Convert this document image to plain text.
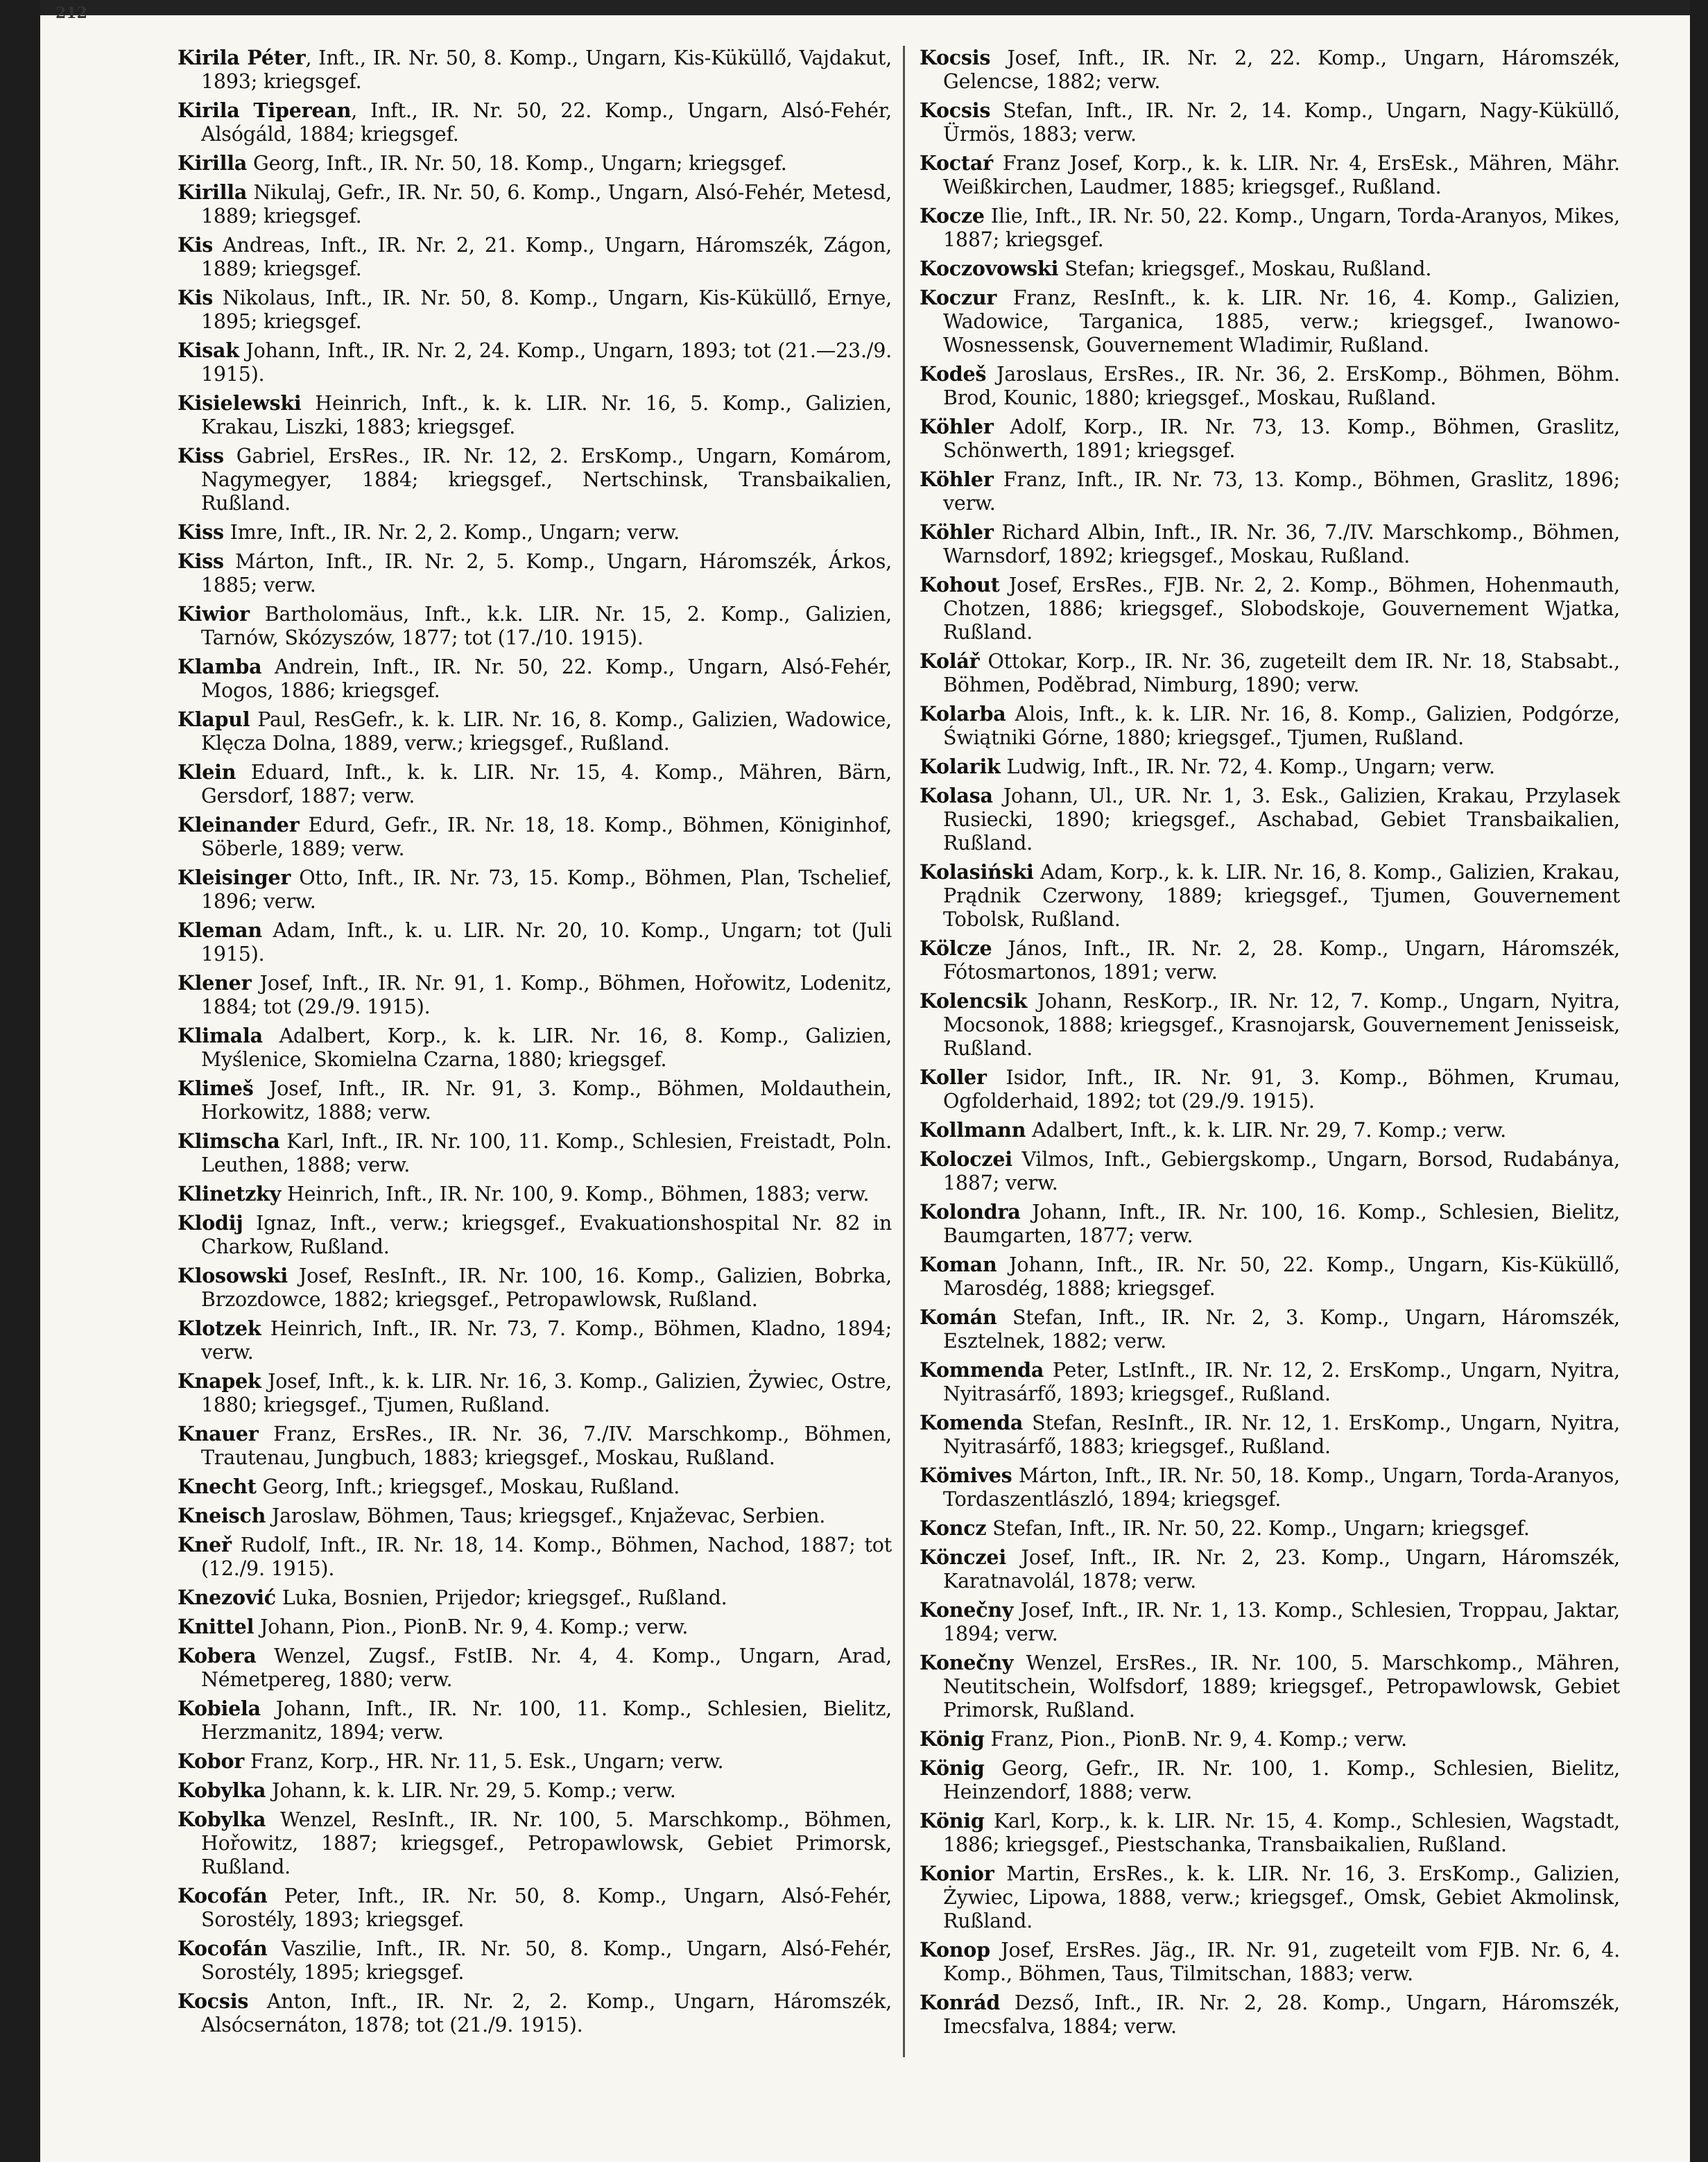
212

Kirila Péter, Inft., IR. Nr. 50, 8. Komp., Ungarn, Kis-Küküllő, Vajdakut, 1893; kriegsgef.

Kirila Tiperean, Inft., IR. Nr. 50, 22. Komp., Ungarn, Alsó-Fehér, Alsógáld, 1884; kriegsgef.

Kirilla Georg, Inft., IR. Nr. 50, 18. Komp., Ungarn; kriegsgef.

Kirilla Nikulaj, Gefr., IR. Nr. 50, 6. Komp., Ungarn, Alsó-Fehér, Metesd, 1889; kriegsgef.

Kis Andreas, Inft., IR. Nr. 2, 21. Komp., Ungarn, Háromszék, Zágon, 1889; kriegsgef.

Kis Nikolaus, Inft., IR. Nr. 50, 8. Komp., Ungarn, Kis-Küküllő, Ernye, 1895; kriegsgef.

Kisak Johann, Inft., IR. Nr. 2, 24. Komp., Ungarn, 1893; tot (21.—23./9. 1915).

Kisielewski Heinrich, Inft., k. k. LIR. Nr. 16, 5. Komp., Galizien, Krakau, Liszki, 1883; kriegsgef.

Kiss Gabriel, ErsRes., IR. Nr. 12, 2. ErsKomp., Ungarn, Komárom, Nagymegyer, 1884; kriegsgef., Nertschinsk, Transbaikalien, Rußland.

Kiss Imre, Inft., IR. Nr. 2, 2. Komp., Ungarn; verw.

Kiss Márton, Inft., IR. Nr. 2, 5. Komp., Ungarn, Háromszék, Árkos, 1885; verw.

Kiwior Bartholomäus, Inft., k.k. LIR. Nr. 15, 2. Komp., Galizien, Tarnów, Skózyszów, 1877; tot (17./10. 1915).

Klamba Andrein, Inft., IR. Nr. 50, 22. Komp., Ungarn, Alsó-Fehér, Mogos, 1886; kriegsgef.

Klapul Paul, ResGefr., k. k. LIR. Nr. 16, 8. Komp., Galizien, Wadowice, Klęcza Dolna, 1889, verw.; kriegsgef., Rußland.

Klein Eduard, Inft., k. k. LIR. Nr. 15, 4. Komp., Mähren, Bärn, Gersdorf, 1887; verw.

Kleinander Edurd, Gefr., IR. Nr. 18, 18. Komp., Böhmen, Königinhof, Söberle, 1889; verw.

Kleisinger Otto, Inft., IR. Nr. 73, 15. Komp., Böhmen, Plan, Tschelief, 1896; verw.

Kleman Adam, Inft., k. u. LIR. Nr. 20, 10. Komp., Ungarn; tot (Juli 1915).

Klener Josef, Inft., IR. Nr. 91, 1. Komp., Böhmen, Hořowitz, Lodenitz, 1884; tot (29./9. 1915).

Klimala Adalbert, Korp., k. k. LIR. Nr. 16, 8. Komp., Galizien, Myślenice, Skomielna Czarna, 1880; kriegsgef.

Klimeš Josef, Inft., IR. Nr. 91, 3. Komp., Böhmen, Moldauthein, Horkowitz, 1888; verw.

Klimscha Karl, Inft., IR. Nr. 100, 11. Komp., Schlesien, Freistadt, Poln. Leuthen, 1888; verw.

Klinetzky Heinrich, Inft., IR. Nr. 100, 9. Komp., Böhmen, 1883; verw.

Klodij Ignaz, Inft., verw.; kriegsgef., Evakuationshospital Nr. 82 in Charkow, Rußland.

Klosowski Josef, ResInft., IR. Nr. 100, 16. Komp., Galizien, Bobrka, Brzozdowce, 1882; kriegsgef., Petropawlowsk, Rußland.

Klotzek Heinrich, Inft., IR. Nr. 73, 7. Komp., Böhmen, Kladno, 1894; verw.

Knapek Josef, Inft., k. k. LIR. Nr. 16, 3. Komp., Galizien, Żywiec, Ostre, 1880; kriegsgef., Tjumen, Rußland.

Knauer Franz, ErsRes., IR. Nr. 36, 7./IV. Marschkomp., Böhmen, Trautenau, Jungbuch, 1883; kriegsgef., Moskau, Rußland.

Knecht Georg, Inft.; kriegsgef., Moskau, Rußland.

Kneisch Jaroslaw, Böhmen, Taus; kriegsgef., Knjaževac, Serbien.

Kneř Rudolf, Inft., IR. Nr. 18, 14. Komp., Böhmen, Nachod, 1887; tot (12./9. 1915).

Knezović Luka, Bosnien, Prijedor; kriegsgef., Rußland.

Knittel Johann, Pion., PionB. Nr. 9, 4. Komp.; verw.

Kobera Wenzel, Zugsf., FstIB. Nr. 4, 4. Komp., Ungarn, Arad, Németpereg, 1880; verw.

Kobiela Johann, Inft., IR. Nr. 100, 11. Komp., Schlesien, Bielitz, Herzmanitz, 1894; verw.

Kobor Franz, Korp., HR. Nr. 11, 5. Esk., Ungarn; verw.

Kobylka Johann, k. k. LIR. Nr. 29, 5. Komp.; verw.

Kobylka Wenzel, ResInft., IR. Nr. 100, 5. Marschkomp., Böhmen, Hořowitz, 1887; kriegsgef., Petropawlowsk, Gebiet Primorsk, Rußland.

Kocofán Peter, Inft., IR. Nr. 50, 8. Komp., Ungarn, Alsó-Fehér, Sorostély, 1893; kriegsgef.

Kocofán Vaszilie, Inft., IR. Nr. 50, 8. Komp., Ungarn, Alsó-Fehér, Sorostély, 1895; kriegsgef.

Kocsis Anton, Inft., IR. Nr. 2, 2. Komp., Ungarn, Háromszék, Alsócsernáton, 1878; tot (21./9. 1915).

Kocsis Josef, Inft., IR. Nr. 2, 22. Komp., Ungarn, Háromszék, Gelencse, 1882; verw.

Kocsis Stefan, Inft., IR. Nr. 2, 14. Komp., Ungarn, Nagy-Küküllő, Ürmös, 1883; verw.

Koctaŕ Franz Josef, Korp., k. k. LIR. Nr. 4, ErsEsk., Mähren, Mähr. Weißkirchen, Laudmer, 1885; kriegsgef., Rußland.

Kocze Ilie, Inft., IR. Nr. 50, 22. Komp., Ungarn, Torda-Aranyos, Mikes, 1887; kriegsgef.

Koczovowski Stefan; kriegsgef., Moskau, Rußland.

Koczur Franz, ResInft., k. k. LIR. Nr. 16, 4. Komp., Galizien, Wadowice, Targanica, 1885, verw.; kriegsgef., Iwanowo-Wosnessensk, Gouvernement Wladimir, Rußland.

Kodeš Jaroslaus, ErsRes., IR. Nr. 36, 2. ErsKomp., Böhmen, Böhm. Brod, Kounic, 1880; kriegsgef., Moskau, Rußland.

Köhler Adolf, Korp., IR. Nr. 73, 13. Komp., Böhmen, Graslitz, Schönwerth, 1891; kriegsgef.

Köhler Franz, Inft., IR. Nr. 73, 13. Komp., Böhmen, Graslitz, 1896; verw.

Köhler Richard Albin, Inft., IR. Nr. 36, 7./IV. Marschkomp., Böhmen, Warnsdorf, 1892; kriegsgef., Moskau, Rußland.

Kohout Josef, ErsRes., FJB. Nr. 2, 2. Komp., Böhmen, Hohenmauth, Chotzen, 1886; kriegsgef., Slobodskoje, Gouvernement Wjatka, Rußland.

Kolář Ottokar, Korp., IR. Nr. 36, zugeteilt dem IR. Nr. 18, Stabsabt., Böhmen, Poděbrad, Nimburg, 1890; verw.

Kolarba Alois, Inft., k. k. LIR. Nr. 16, 8. Komp., Galizien, Podgórze, Świątniki Górne, 1880; kriegsgef., Tjumen, Rußland.

Kolarik Ludwig, Inft., IR. Nr. 72, 4. Komp., Ungarn; verw.

Kolasa Johann, Ul., UR. Nr. 1, 3. Esk., Galizien, Krakau, Przylasek Rusiecki, 1890; kriegsgef., Aschabad, Gebiet Transbaikalien, Rußland.

Kolasiński Adam, Korp., k. k. LIR. Nr. 16, 8. Komp., Galizien, Krakau, Prądnik Czerwony, 1889; kriegsgef., Tjumen, Gouvernement Tobolsk, Rußland.

Kölcze János, Inft., IR. Nr. 2, 28. Komp., Ungarn, Háromszék, Fótosmartonos, 1891; verw.

Kolencsik Johann, ResKorp., IR. Nr. 12, 7. Komp., Ungarn, Nyitra, Mocsonok, 1888; kriegsgef., Krasnojarsk, Gouvernement Jenisseisk, Rußland.

Koller Isidor, Inft., IR. Nr. 91, 3. Komp., Böhmen, Krumau, Ogfolderhaid, 1892; tot (29./9. 1915).

Kollmann Adalbert, Inft., k. k. LIR. Nr. 29, 7. Komp.; verw.

Koloczei Vilmos, Inft., Gebiergskomp., Ungarn, Borsod, Rudabánya, 1887; verw.

Kolondra Johann, Inft., IR. Nr. 100, 16. Komp., Schlesien, Bielitz, Baumgarten, 1877; verw.

Koman Johann, Inft., IR. Nr. 50, 22. Komp., Ungarn, Kis-Küküllő, Marosdég, 1888; kriegsgef.

Komán Stefan, Inft., IR. Nr. 2, 3. Komp., Ungarn, Háromszék, Esztelnek, 1882; verw.

Kommenda Peter, LstInft., IR. Nr. 12, 2. ErsKomp., Ungarn, Nyitra, Nyitrasárfő, 1893; kriegsgef., Rußland.

Komenda Stefan, ResInft., IR. Nr. 12, 1. ErsKomp., Ungarn, Nyitra, Nyitrasárfő, 1883; kriegsgef., Rußland.

Kömives Márton, Inft., IR. Nr. 50, 18. Komp., Ungarn, Torda-Aranyos, Tordaszentlászló, 1894; kriegsgef.

Koncz Stefan, Inft., IR. Nr. 50, 22. Komp., Ungarn; kriegsgef.

Könczei Josef, Inft., IR. Nr. 2, 23. Komp., Ungarn, Háromszék, Karatnavolál, 1878; verw.

Konečny Josef, Inft., IR. Nr. 1, 13. Komp., Schlesien, Troppau, Jaktar, 1894; verw.

Konečny Wenzel, ErsRes., IR. Nr. 100, 5. Marschkomp., Mähren, Neutitschein, Wolfsdorf, 1889; kriegsgef., Petropawlowsk, Gebiet Primorsk, Rußland.

König Franz, Pion., PionB. Nr. 9, 4. Komp.; verw.

König Georg, Gefr., IR. Nr. 100, 1. Komp., Schlesien, Bielitz, Heinzendorf, 1888; verw.

König Karl, Korp., k. k. LIR. Nr. 15, 4. Komp., Schlesien, Wagstadt, 1886; kriegsgef., Piestschanka, Transbaikalien, Rußland.

Konior Martin, ErsRes., k. k. LIR. Nr. 16, 3. ErsKomp., Galizien, Żywiec, Lipowa, 1888, verw.; kriegsgef., Omsk, Gebiet Akmolinsk, Rußland.

Konop Josef, ErsRes. Jäg., IR. Nr. 91, zugeteilt vom FJB. Nr. 6, 4. Komp., Böhmen, Taus, Tilmitschan, 1883; verw.

Konrád Dezső, Inft., IR. Nr. 2, 28. Komp., Ungarn, Háromszék, Imecsfalva, 1884; verw.
